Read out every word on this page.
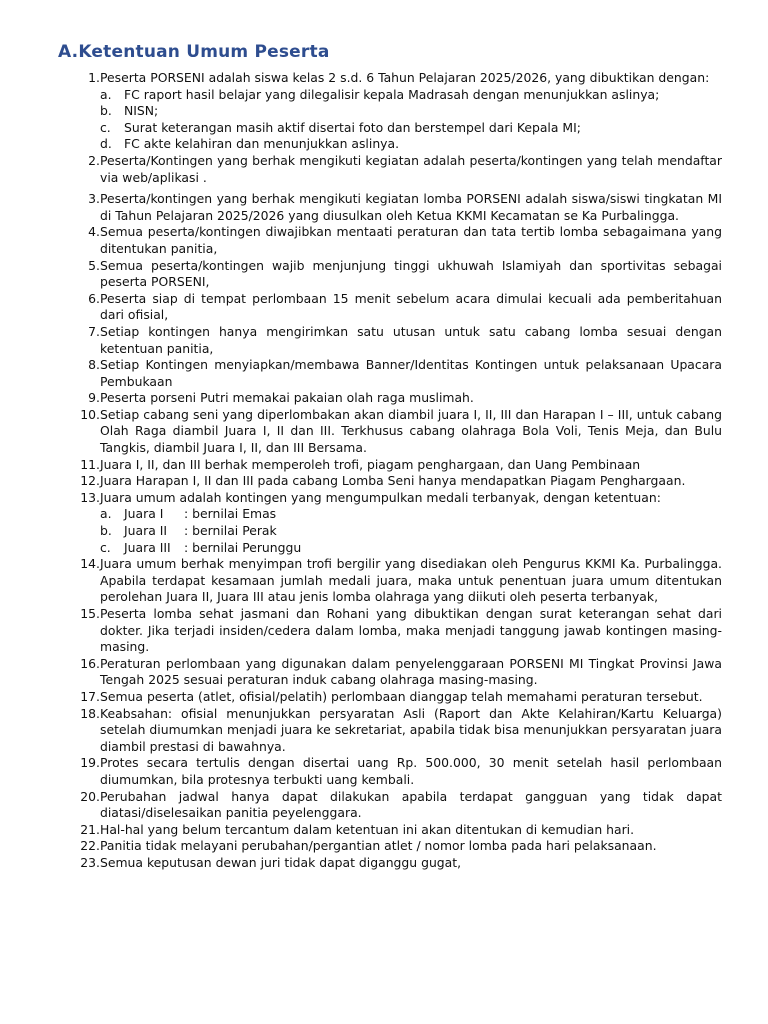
A.Ketentuan Umum Peserta
1. Peserta PORSENI adalah siswa kelas 2 s.d. 6 Tahun Pelajaran 2025/2026, yang dibuktikan dengan:
a.	FC raport hasil belajar yang dilegalisir kepala Madrasah dengan menunjukkan aslinya;
b. NISN;
c.	Surat keterangan masih aktif disertai foto dan berstempel dari Kepala MI;
d. FC akte kelahiran dan menunjukkan aslinya.
2. Peserta/Kontingen yang berhak mengikuti kegiatan adalah peserta/kontingen yang telah mendaftar via web/aplikasi .
3. Peserta/kontingen yang berhak mengikuti kegiatan lomba PORSENI adalah siswa/siswi tingkatan MI di Tahun Pelajaran 2025/2026 yang diusulkan oleh Ketua KKMI Kecamatan se Ka Purbalingga.
4. Semua peserta/kontingen diwajibkan mentaati peraturan dan tata tertib lomba sebagaimana yang ditentukan panitia,
5. Semua peserta/kontingen wajib menjunjung tinggi ukhuwah Islamiyah dan sportivitas sebagai peserta PORSENI,
6. Peserta siap di tempat perlombaan 15 menit sebelum acara dimulai kecuali ada pemberitahuan dari ofisial,
7. Setiap kontingen hanya mengirimkan satu utusan untuk satu cabang lomba sesuai dengan ketentuan panitia,
8. Setiap Kontingen menyiapkan/membawa Banner/Identitas Kontingen untuk pelaksanaan Upacara Pembukaan
9. Peserta porseni Putri memakai pakaian olah raga muslimah.
10. Setiap cabang seni yang diperlombakan akan diambil juara I, II, III dan Harapan I – III, untuk cabang Olah Raga diambil Juara I, II dan III. Terkhusus cabang olahraga Bola Voli, Tenis Meja, dan Bulu Tangkis, diambil Juara I, II, dan III Bersama.
11. Juara I, II, dan III berhak memperoleh trofi, piagam penghargaan, dan Uang Pembinaan
12. Juara Harapan I, II dan III pada cabang Lomba Seni hanya mendapatkan Piagam Penghargaan.
13. Juara umum adalah kontingen yang mengumpulkan medali terbanyak, dengan ketentuan:
a.	Juara I : bernilai Emas
b. Juara II : bernilai Perak
c.	Juara III : bernilai Perunggu
14. Juara umum berhak menyimpan trofi bergilir yang disediakan oleh Pengurus KKMI Ka. Purbalingga. Apabila terdapat kesamaan jumlah medali juara, maka untuk penentuan juara umum ditentukan perolehan Juara II, Juara III atau jenis lomba olahraga yang diikuti oleh peserta terbanyak,
15. Peserta lomba sehat jasmani dan Rohani yang dibuktikan dengan surat keterangan sehat dari dokter. Jika terjadi insiden/cedera dalam lomba, maka menjadi tanggung jawab kontingen masing-masing.
16. Peraturan perlombaan yang digunakan dalam penyelenggaraan PORSENI MI Tingkat Provinsi Jawa Tengah 2025 sesuai peraturan induk cabang olahraga masing-masing.
17. Semua peserta (atlet, ofisial/pelatih) perlombaan dianggap telah memahami peraturan tersebut.
18. Keabsahan: ofisial menunjukkan persyaratan Asli (Raport dan Akte Kelahiran/Kartu Keluarga) setelah diumumkan menjadi juara ke sekretariat, apabila tidak bisa menunjukkan persyaratan juara diambil prestasi di bawahnya.
19. Protes secara tertulis dengan disertai uang Rp. 500.000, 30 menit setelah hasil perlombaan diumumkan, bila protesnya terbukti uang kembali.
20. Perubahan jadwal hanya dapat dilakukan apabila terdapat gangguan yang tidak dapat diatasi/diselesaikan panitia peyelenggara.
21. Hal-hal yang belum tercantum dalam ketentuan ini akan ditentukan di kemudian hari.
22. Panitia tidak melayani perubahan/pergantian atlet / nomor lomba pada hari pelaksanaan.
23. Semua keputusan dewan juri tidak dapat diganggu gugat,
